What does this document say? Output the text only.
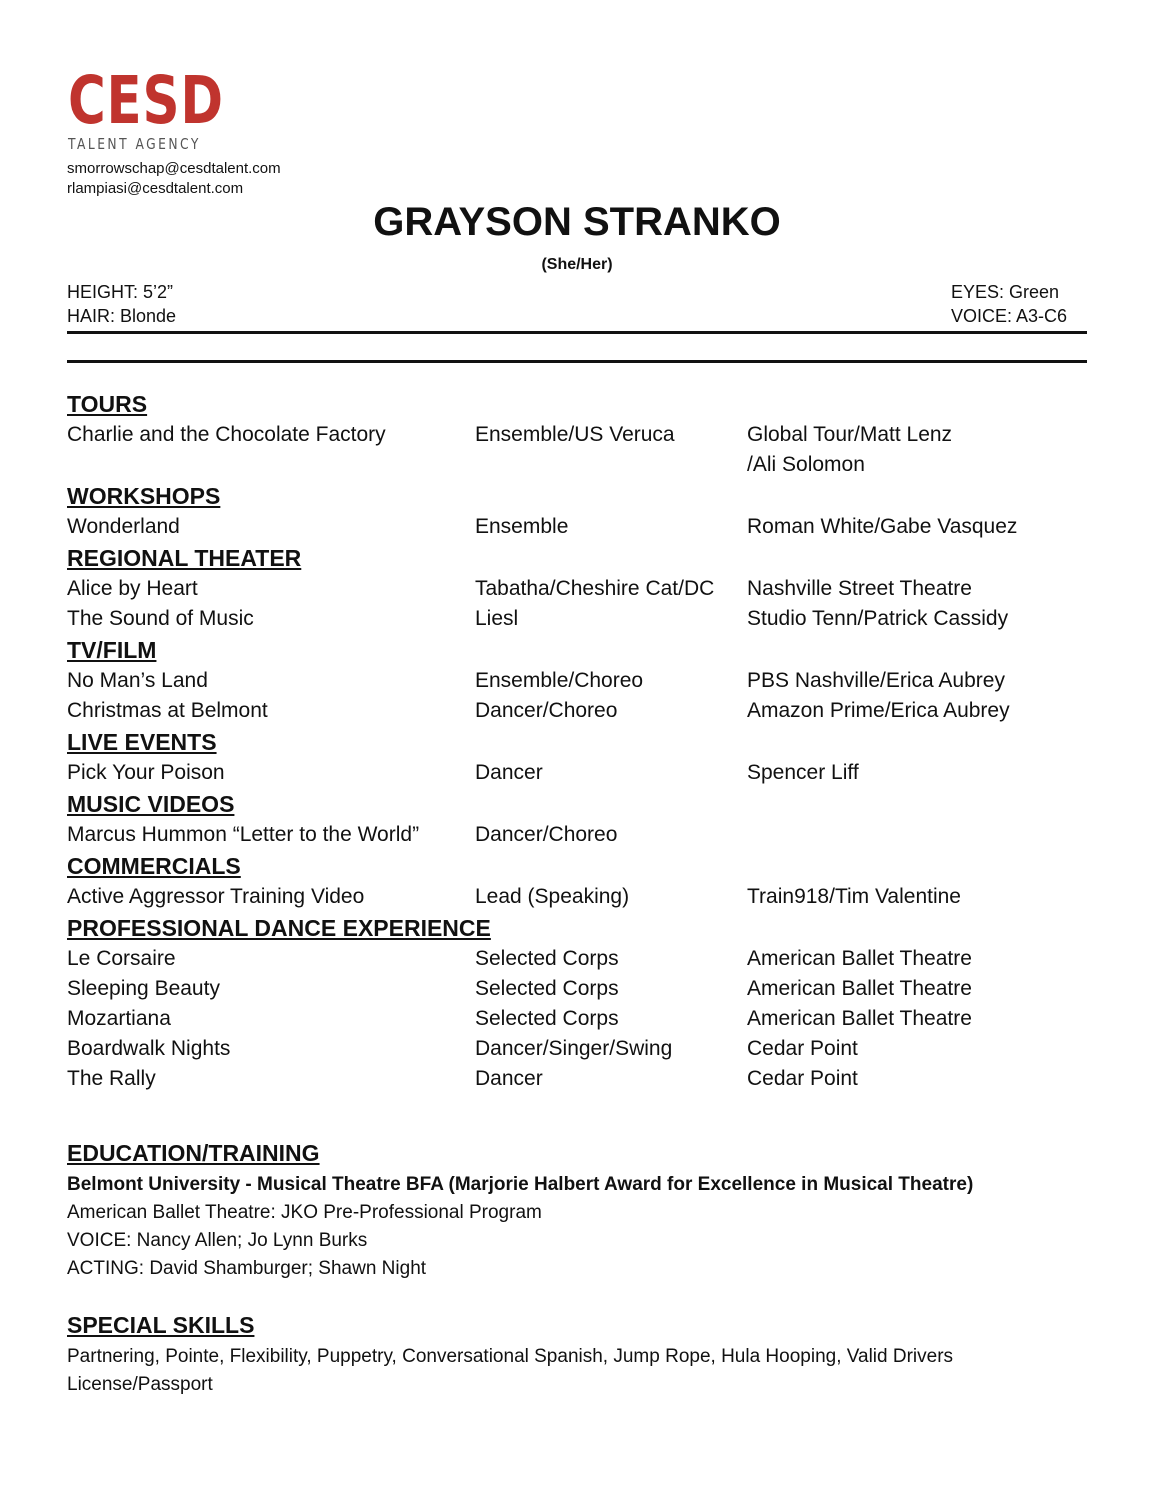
CESD
TALENT AGENCY
smorrowschap@cesdtalent.com
rlampiasi@cesdtalent.com
GRAYSON STRANKO
(She/Her)
HEIGHT: 5’2”
HAIR: Blonde
EYES: Green
VOICE: A3-C6
TOURS
Charlie and the Chocolate Factory	Ensemble/US Veruca	Global Tour/Matt Lenz
/Ali Solomon
WORKSHOPS
Wonderland	Ensemble	Roman White/Gabe Vasquez
REGIONAL THEATER
Alice by Heart	Tabatha/Cheshire Cat/DC	Nashville Street Theatre
The Sound of Music	Liesl	Studio Tenn/Patrick Cassidy
TV/FILM
No Man’s Land	Ensemble/Choreo	PBS Nashville/Erica Aubrey
Christmas at Belmont	Dancer/Choreo	Amazon Prime/Erica Aubrey
LIVE EVENTS
Pick Your Poison	Dancer	Spencer Liff
MUSIC VIDEOS
Marcus Hummon “Letter to the World”	Dancer/Choreo
COMMERCIALS
Active Aggressor Training Video	Lead (Speaking)	Train918/Tim Valentine
PROFESSIONAL DANCE EXPERIENCE
Le Corsaire	Selected Corps	American Ballet Theatre
Sleeping Beauty	Selected Corps	American Ballet Theatre
Mozartiana	Selected Corps	American Ballet Theatre
Boardwalk Nights	Dancer/Singer/Swing	Cedar Point
The Rally	Dancer	Cedar Point
EDUCATION/TRAINING
Belmont University - Musical Theatre BFA (Marjorie Halbert Award for Excellence in Musical Theatre)
American Ballet Theatre: JKO Pre-Professional Program
VOICE: Nancy Allen; Jo Lynn Burks
ACTING: David Shamburger; Shawn Night
SPECIAL SKILLS
Partnering, Pointe, Flexibility, Puppetry, Conversational Spanish, Jump Rope, Hula Hooping, Valid Drivers License/Passport
